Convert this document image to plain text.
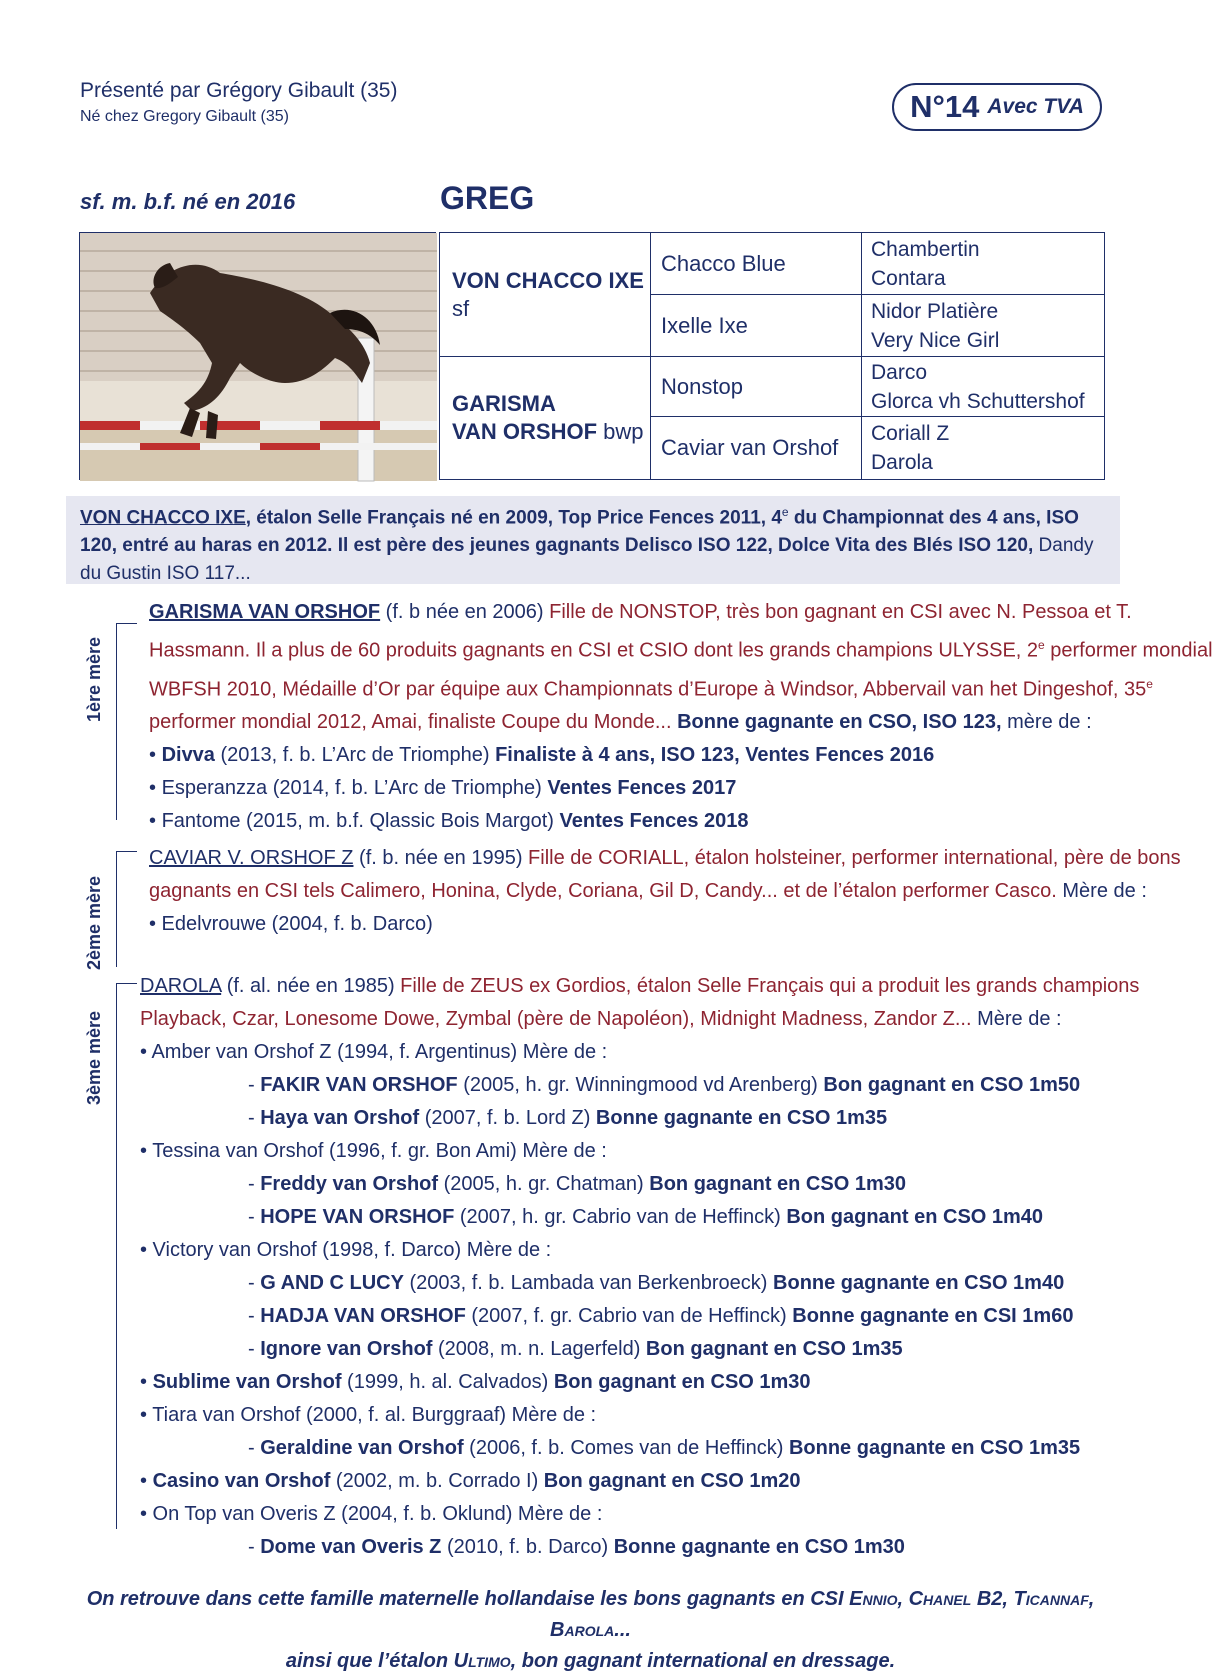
Présenté par Grégory Gibault (35)
Né chez Gregory Gibault (35)	N°14 Avec TVA
sf. m. b.f. né en 2016	GREG
VON CHACCO IXE
sf
GARISMA
VAN ORSHOF bwp
Chacco Blue
Ixelle Ixe
Nonstop
Caviar van Orshof
Chambertin
Contara
Nidor Platière
Very Nice Girl
Darco
Glorca vh Schuttershof
Coriall Z
Darola
VON CHACCO IXE, étalon Selle Français né en 2009, Top Price Fences 2011, 4e du Championnat des 4 ans, ISO
120, entré au haras en 2012. Il est père des jeunes gagnants Delisco ISO 122, Dolce Vita des Blés ISO 120, Dandy
du Gustin ISO 117...
1ère mère
2ème mère
3ème mère
GARISMA VAN ORSHOF (f. b née en 2006) Fille de NONSTOP, très bon gagnant en CSI avec N. Pessoa et T.
Hassmann. Il a plus de 60 produits gagnants en CSI et CSIO dont les grands champions ULYSSE, 2e performer mondial
WBFSH 2010, Médaille d’Or par équipe aux Championnats d’Europe à Windsor, Abbervail van het Dingeshof, 35e
performer mondial 2012, Amai, finaliste Coupe du Monde... Bonne gagnante en CSO, ISO 123, mère de :
• Divva (2013, f. b. L’Arc de Triomphe) Finaliste à 4 ans, ISO 123, Ventes Fences 2016
• Esperanzza (2014, f. b. L’Arc de Triomphe) Ventes Fences 2017
• Fantome (2015, m. b.f. Qlassic Bois Margot) Ventes Fences 2018
CAVIAR V. ORSHOF Z (f. b. née en 1995) Fille de CORIALL, étalon holsteiner, performer international, père de bons
gagnants en CSI tels Calimero, Honina, Clyde, Coriana, Gil D, Candy... et de l’étalon performer Casco. Mère de :
• Edelvrouwe (2004, f. b. Darco)
DAROLA (f. al. née en 1985) Fille de ZEUS ex Gordios, étalon Selle Français qui a produit les grands champions
Playback, Czar, Lonesome Dowe, Zymbal (père de Napoléon), Midnight Madness, Zandor Z... Mère de :
• Amber van Orshof Z (1994, f. Argentinus) Mère de :
- FAKIR VAN ORSHOF (2005, h. gr. Winningmood vd Arenberg) Bon gagnant en CSO 1m50
- Haya van Orshof (2007, f. b. Lord Z) Bonne gagnante en CSO 1m35
• Tessina van Orshof (1996, f. gr. Bon Ami) Mère de :
- Freddy van Orshof (2005, h. gr. Chatman) Bon gagnant en CSO 1m30
- HOPE VAN ORSHOF (2007, h. gr. Cabrio van de Heffinck) Bon gagnant en CSO 1m40
• Victory van Orshof (1998, f. Darco) Mère de :
- G AND C LUCY (2003, f. b. Lambada van Berkenbroeck) Bonne gagnante en CSO 1m40
- HADJA VAN ORSHOF (2007, f. gr. Cabrio van de Heffinck) Bonne gagnante en CSI 1m60
- Ignore van Orshof (2008, m. n. Lagerfeld) Bon gagnant en CSO 1m35
• Sublime van Orshof (1999, h. al. Calvados) Bon gagnant en CSO 1m30
• Tiara van Orshof (2000, f. al. Burggraaf) Mère de :
- Geraldine van Orshof (2006, f. b. Comes van de Heffinck) Bonne gagnante en CSO 1m35
• Casino van Orshof (2002, m. b. Corrado I) Bon gagnant en CSO 1m20
• On Top van Overis Z (2004, f. b. Oklund) Mère de :
- Dome van Overis Z (2010, f. b. Darco) Bonne gagnante en CSO 1m30
On retrouve dans cette famille maternelle hollandaise les bons gagnants en CSI Ennio, Chanel B2, Ticannaf, Barola...
ainsi que l’étalon Ultimo, bon gagnant international en dressage.
